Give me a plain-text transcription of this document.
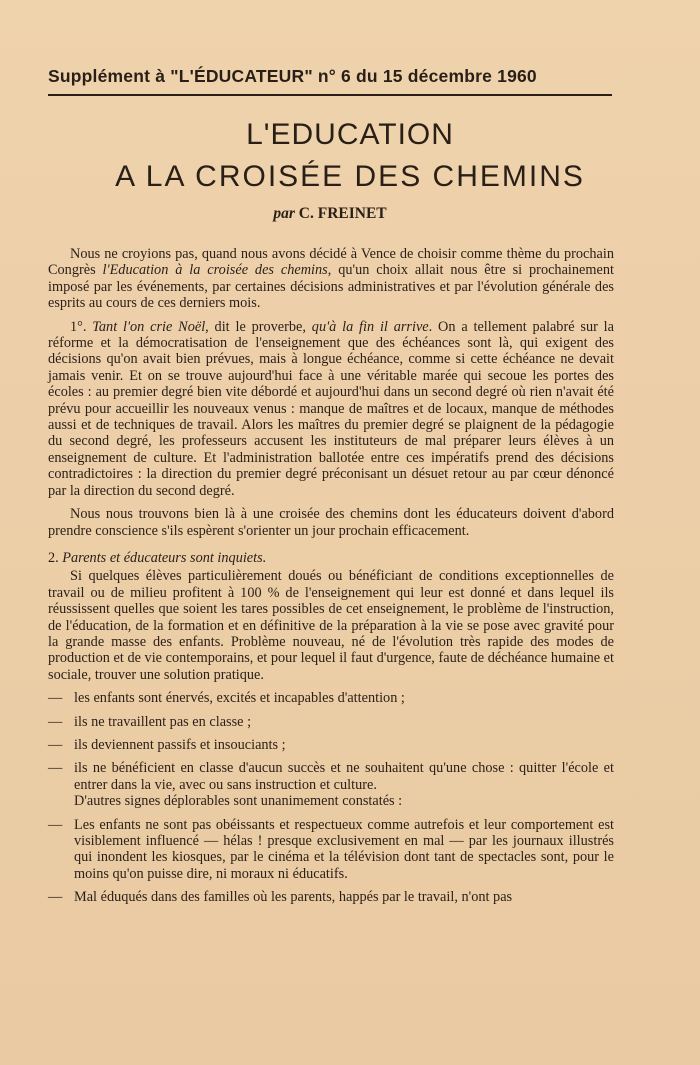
Supplément à "L'ÉDUCATEUR" n° 6 du 15 décembre 1960
L'EDUCATION
A LA CROISÉE DES CHEMINS
par C. FREINET

Nous ne croyions pas, quand nous avons décidé à Vence de choisir comme thème du prochain Congrès l'Education à la croisée des chemins, qu'un choix allait nous être si prochainement imposé par les événements, par certaines décisions administratives et par l'évolution générale des esprits au cours de ces derniers mois.

1°. Tant l'on crie Noël, dit le proverbe, qu'à la fin il arrive. On a tellement palabré sur la réforme et la démocratisation de l'enseignement que des échéances sont là, qui exigent des décisions qu'on avait bien prévues, mais à longue échéance, comme si cette échéance ne devait jamais venir. Et on se trouve aujourd'hui face à une véritable marée qui secoue les portes des écoles : au premier degré bien vite débordé et aujourd'hui dans un second degré où rien n'avait été prévu pour accueillir les nouveaux venus : manque de maîtres et de locaux, manque de méthodes aussi et de techniques de travail. Alors les maîtres du premier degré se plaignent de la pédagogie du second degré, les professeurs accusent les instituteurs de mal préparer leurs élèves à un enseignement de culture. Et l'administration ballotée entre ces impératifs prend des décisions contradictoires : la direction du premier degré préconisant un désuet retour au par cœur dénoncé par la direction du second degré.

Nous nous trouvons bien là à une croisée des chemins dont les éducateurs doivent d'abord prendre conscience s'ils espèrent s'orienter un jour prochain efficacement.

2. Parents et éducateurs sont inquiets.

Si quelques élèves particulièrement doués ou bénéficiant de conditions exceptionnelles de travail ou de milieu profitent à 100 % de l'enseignement qui leur est donné et dans lequel ils réussissent quelles que soient les tares possibles de cet enseignement, le problème de l'instruction, de l'éducation, de la formation et en définitive de la préparation à la vie se pose avec gravité pour la grande masse des enfants. Problème nouveau, né de l'évolution très rapide des modes de production et de vie contemporains, et pour lequel il faut d'urgence, faute de déchéance humaine et sociale, trouver une solution pratique.

— les enfants sont énervés, excités et incapables d'attention ;
— ils ne travaillent pas en classe ;
— ils deviennent passifs et insouciants ;
— ils ne bénéficient en classe d'aucun succès et ne souhaitent qu'une chose : quitter l'école et entrer dans la vie, avec ou sans instruction et culture.
D'autres signes déplorables sont unanimement constatés :
— Les enfants ne sont pas obéissants et respectueux comme autrefois et leur comportement est visiblement influencé — hélas ! presque exclusivement en mal — par les journaux illustrés qui inondent les kiosques, par le cinéma et la télévision dont tant de spectacles sont, pour le moins qu'on puisse dire, ni moraux ni éducatifs.
— Mal éduqués dans des familles où les parents, happés par le travail, n'ont pas
